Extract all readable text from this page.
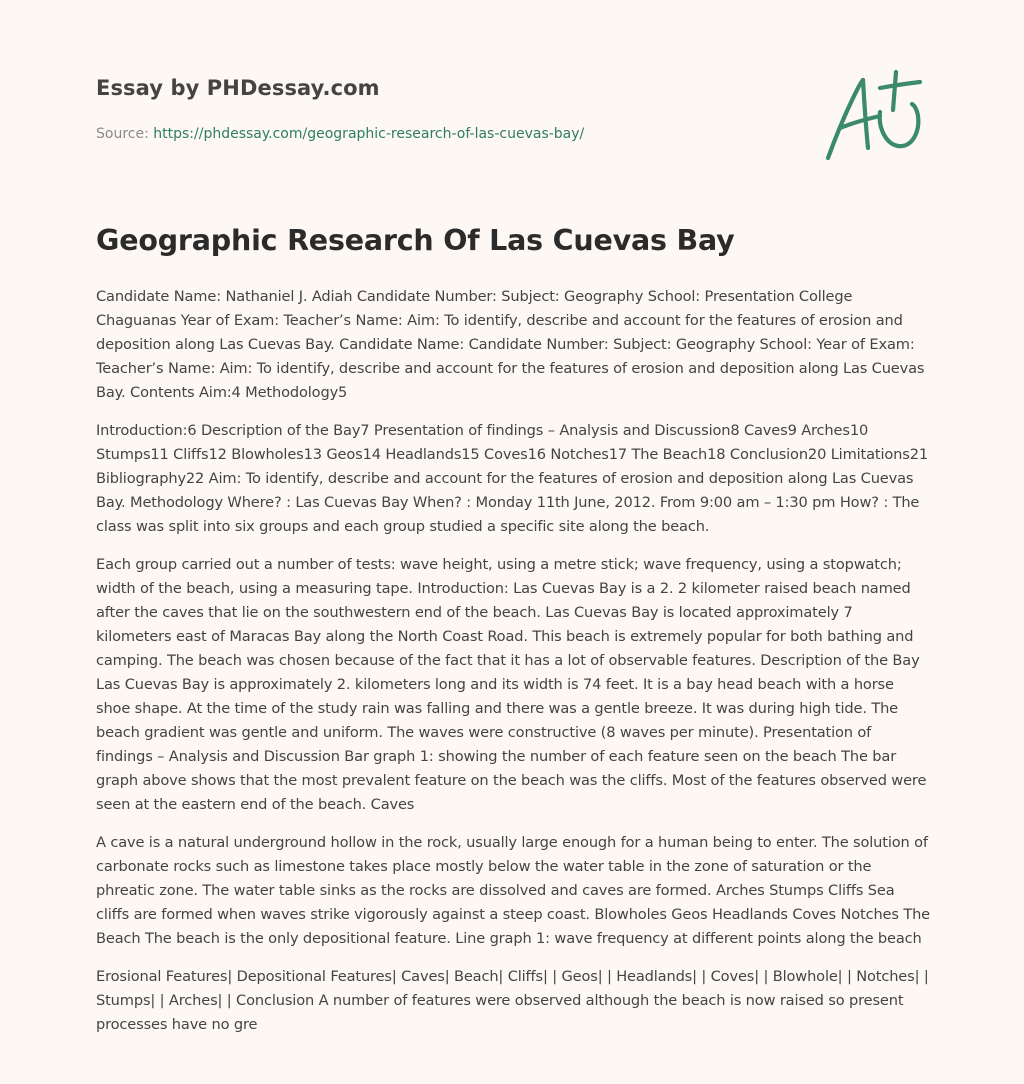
Essay by PHDessay.com

Source: https://phdessay.com/geographic-research-of-las-cuevas-bay/
Geographic Research Of Las Cuevas Bay

Candidate Name: Nathaniel J. Adiah Candidate Number: Subject: Geography School: Presentation College Chaguanas Year of Exam: Teacher’s Name: Aim: To identify, describe and account for the features of erosion and deposition along Las Cuevas Bay. Candidate Name: Candidate Number: Subject: Geography School: Year of Exam: Teacher’s Name: Aim: To identify, describe and account for the features of erosion and deposition along Las Cuevas Bay. Contents Aim:4 Methodology5

Introduction:6 Description of the Bay7 Presentation of findings – Analysis and Discussion8 Caves9 Arches10 Stumps11 Cliffs12 Blowholes13 Geos14 Headlands15 Coves16 Notches17 The Beach18 Conclusion20 Limitations21 Bibliography22 Aim: To identify, describe and account for the features of erosion and deposition along Las Cuevas Bay. Methodology Where? : Las Cuevas Bay When? : Monday 11th June, 2012. From 9:00 am – 1:30 pm How? : The class was split into six groups and each group studied a specific site along the beach.

Each group carried out a number of tests: wave height, using a metre stick; wave frequency, using a stopwatch; width of the beach, using a measuring tape. Introduction: Las Cuevas Bay is a 2. 2 kilometer raised beach named after the caves that lie on the southwestern end of the beach. Las Cuevas Bay is located approximately 7 kilometers east of Maracas Bay along the North Coast Road. This beach is extremely popular for both bathing and camping. The beach was chosen because of the fact that it has a lot of observable features. Description of the Bay Las Cuevas Bay is approximately 2. kilometers long and its width is 74 feet. It is a bay head beach with a horse shoe shape. At the time of the study rain was falling and there was a gentle breeze. It was during high tide. The beach gradient was gentle and uniform. The waves were constructive (8 waves per minute). Presentation of findings – Analysis and Discussion Bar graph 1: showing the number of each feature seen on the beach The bar graph above shows that the most prevalent feature on the beach was the cliffs. Most of the features observed were seen at the eastern end of the beach. Caves

A cave is a natural underground hollow in the rock, usually large enough for a human being to enter. The solution of carbonate rocks such as limestone takes place mostly below the water table in the zone of saturation or the phreatic zone. The water table sinks as the rocks are dissolved and caves are formed. Arches Stumps Cliffs Sea cliffs are formed when waves strike vigorously against a steep coast. Blowholes Geos Headlands Coves Notches The Beach The beach is the only depositional feature. Line graph 1: wave frequency at different points along the beach

Erosional Features| Depositional Features| Caves| Beach| Cliffs| | Geos| | Headlands| | Coves| | Blowhole| | Notches| | Stumps| | Arches| | Conclusion A number of features were observed although the beach is now raised so present processes have no gre
